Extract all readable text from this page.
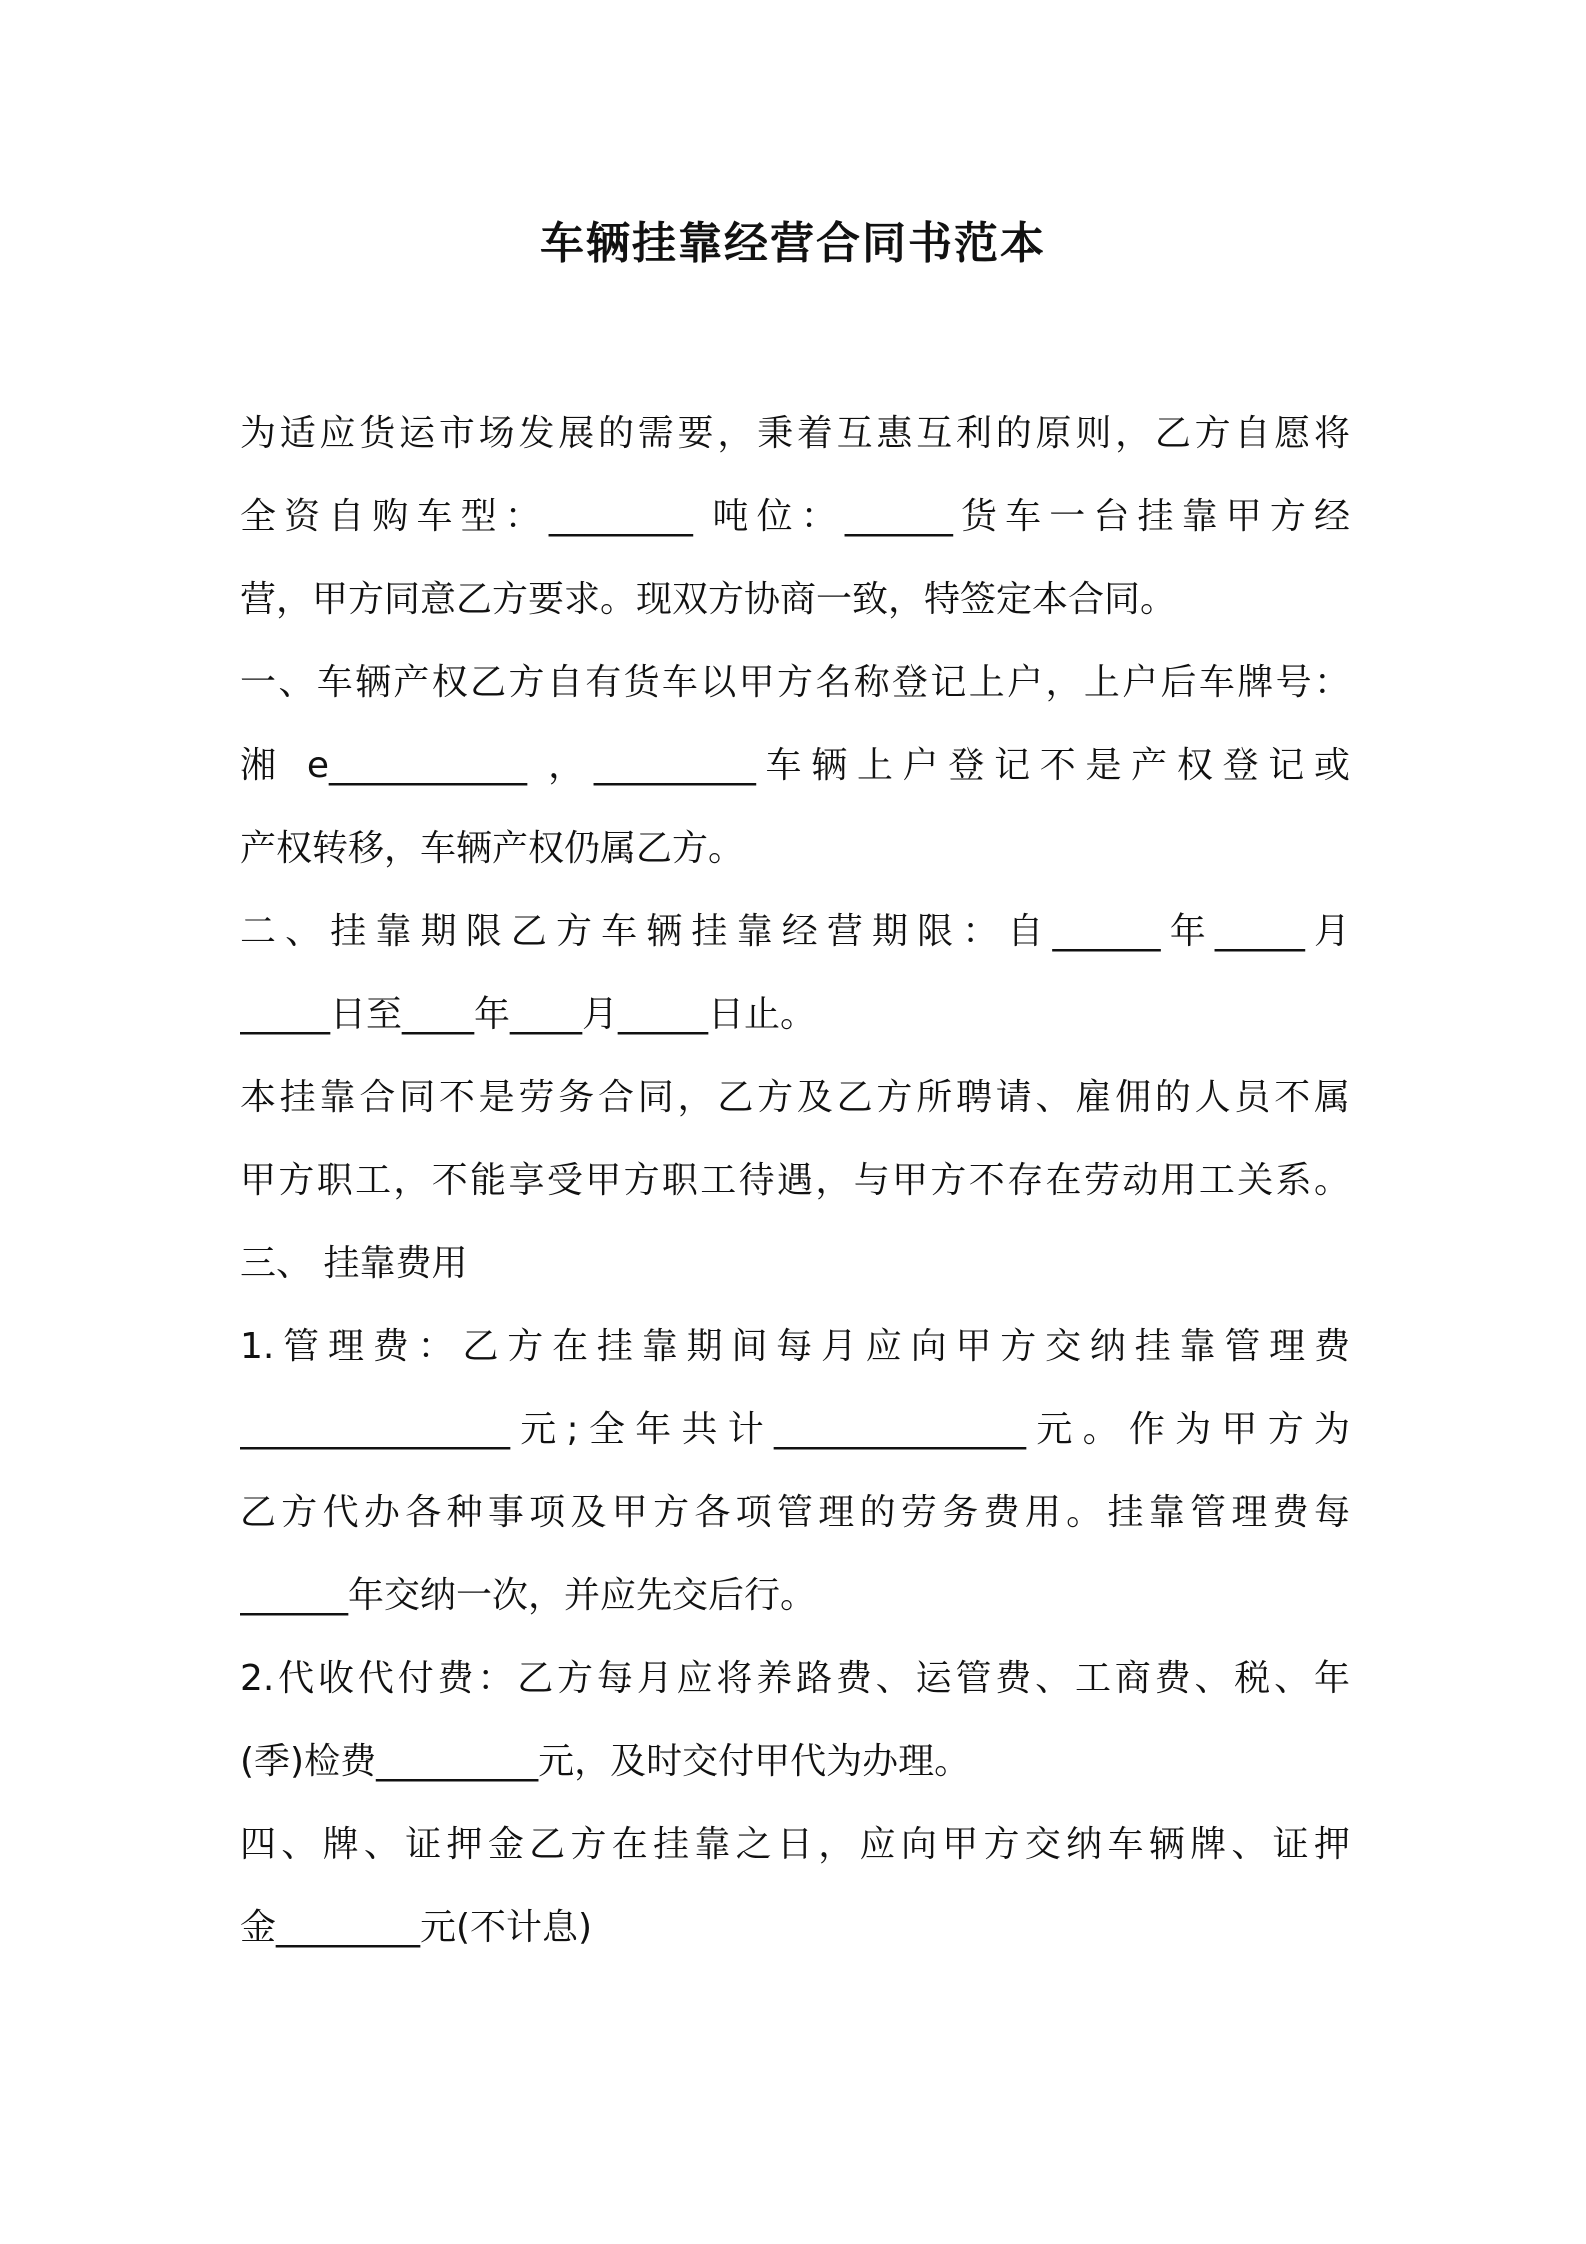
车辆挂靠经营合同书范本
为适应货运市场发展的需要，秉着互惠互利的原则，乙方自愿将
全资自购车型：________ 吨位：______货车一台挂靠甲方经
营，甲方同意乙方要求。现双方协商一致，特签定本合同。
一、车辆产权乙方自有货车以甲方名称登记上户，上户后车牌号：
湘 e___________ ，_________车辆上户登记不是产权登记或
产权转移，车辆产权仍属乙方。
二、挂靠期限乙方车辆挂靠经营期限：自______年_____月
_____日至____年____月_____日止。
本挂靠合同不是劳务合同，乙方及乙方所聘请、雇佣的人员不属
甲方职工，不能享受甲方职工待遇，与甲方不存在劳动用工关系。
三、 挂靠费用
1.管理费：乙方在挂靠期间每月应向甲方交纳挂靠管理费
_______________元;全年共计______________元。作为甲方为
乙方代办各种事项及甲方各项管理的劳务费用。挂靠管理费每
______年交纳一次，并应先交后行。
2.代收代付费：乙方每月应将养路费、运管费、工商费、税、年
(季)检费_________元，及时交付甲代为办理。
四、牌、证押金乙方在挂靠之日，应向甲方交纳车辆牌、证押
金________元(不计息)
